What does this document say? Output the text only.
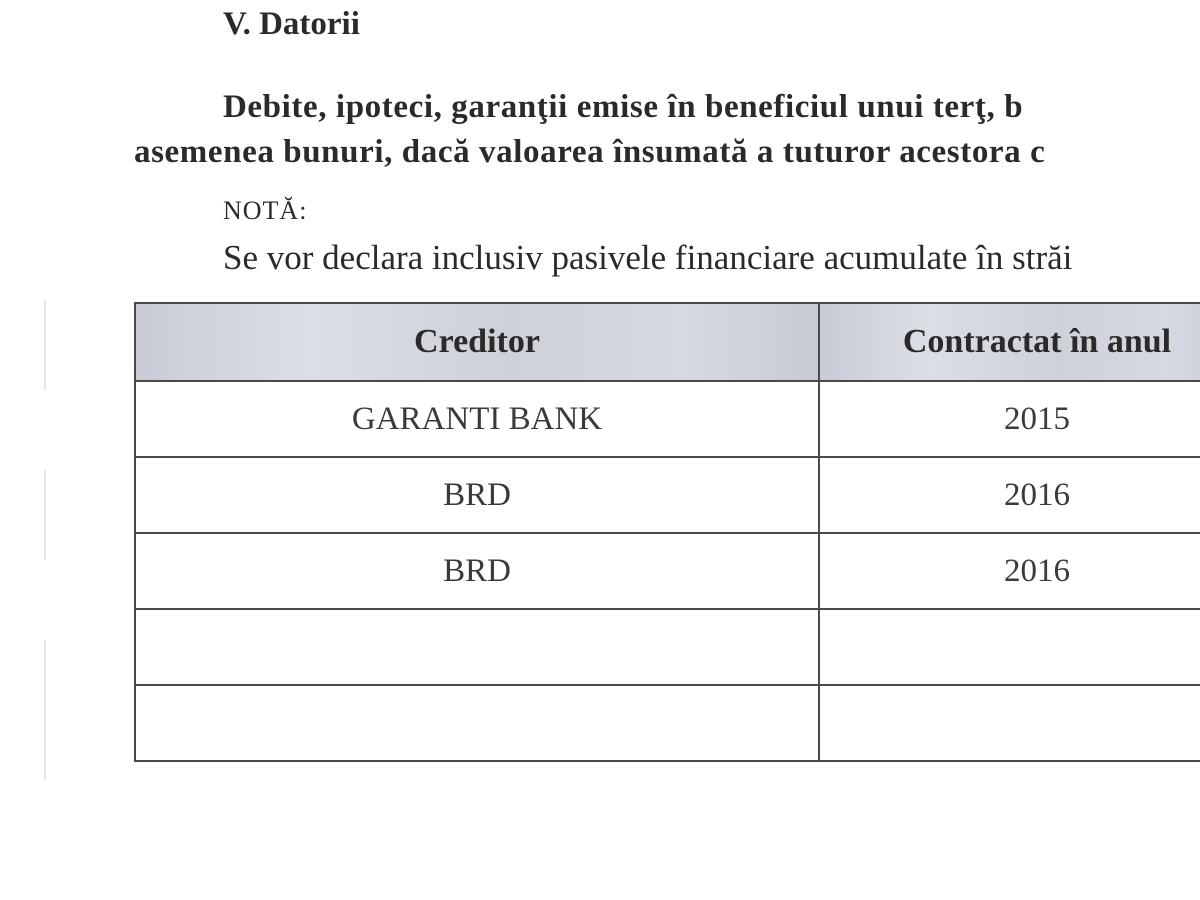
V. Datorii
Debite, ipoteci, garanţii emise în beneficiul unui terţ, b
asemenea bunuri, dacă valoarea însumată a tuturor acestora c
NOTĂ:
Se vor declara inclusiv pasivele financiare acumulate în străi
Creditor	Contractat în anul
GARANTI BANK	2015
BRD	2016
BRD	2016
